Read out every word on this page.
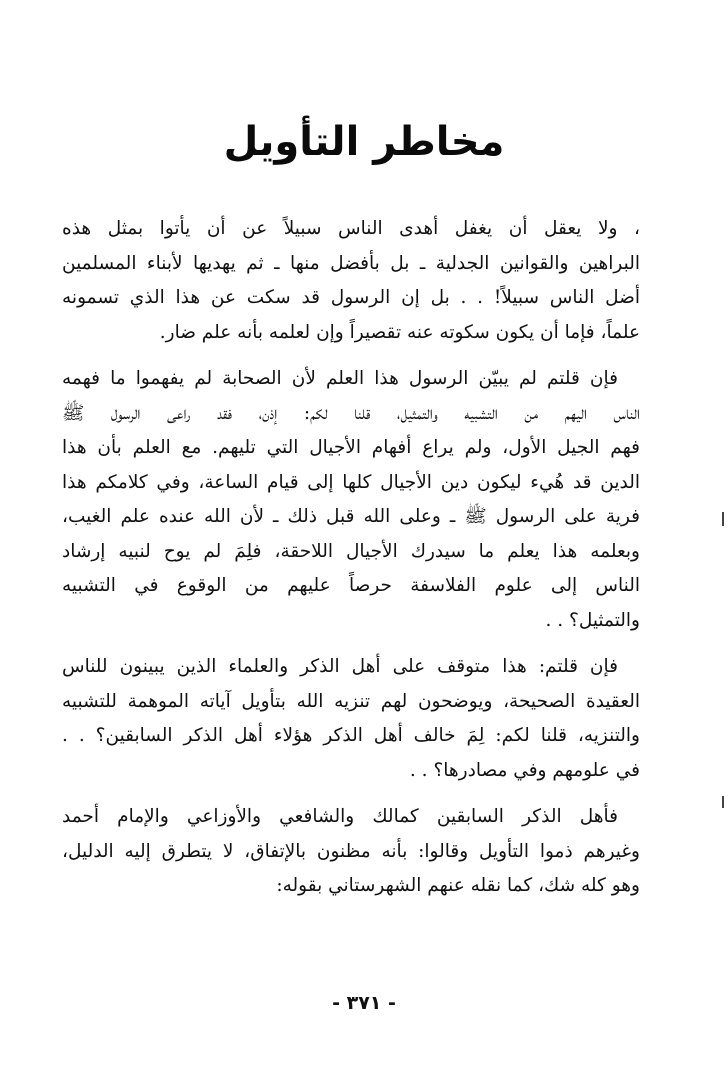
مخاطر التأويل
، ولا يعقل أن يغفل أهدى الناس سبيلاً عن أن يأتوا بمثل هذه
البراهين والقوانين الجدلية ـ بل بأفضل منها ـ ثم يهديها لأبناء المسلمين
أضل الناس سبيلاً! . . بل إن الرسول قد سكت عن هذا الذي تسمونه
علماً، فإما أن يكون سكوته عنه تقصيراً وإن لعلمه بأنه علم ضار.
فإن قلتم لم يبيّن الرسول هذا العلم لأن الصحابة لم يفهموا ما فهمه
الناس اليهم من التشبيه والتمثيل، قلنا لكم: إذن، فقد راعى الرسول ﷺ
فهم الجيل الأول، ولم يراع أفهام الأجيال التي تليهم. مع العلم بأن هذا
الدين قد هُيء ليكون دين الأجيال كلها إلى قيام الساعة، وفي كلامكم هذا
فرية على الرسول ﷺ ـ وعلى الله قبل ذلك ـ لأن الله عنده علم الغيب،
وبعلمه هذا يعلم ما سيدرك الأجيال اللاحقة، فلِمَ لم يوح لنبيه إرشاد
الناس إلى علوم الفلاسفة حرصاً عليهم من الوقوع في التشبيه
والتمثيل؟ . .
فإن قلتم: هذا متوقف على أهل الذكر والعلماء الذين يبينون للناس
العقيدة الصحيحة، ويوضحون لهم تنزيه الله بتأويل آياته الموهمة للتشبيه
والتنزيه، قلنا لكم: لِمَ خالف أهل الذكر هؤلاء أهل الذكر السابقين؟ . .
في علومهم وفي مصادرها؟ . .
فأهل الذكر السابقين كمالك والشافعي والأوزاعي والإمام أحمد
وغيرهم ذموا التأويل وقالوا: بأنه مظنون بالإتفاق، لا يتطرق إليه الدليل،
وهو كله شك، كما نقله عنهم الشهرستاني بقوله:
- ٣٧١ -
